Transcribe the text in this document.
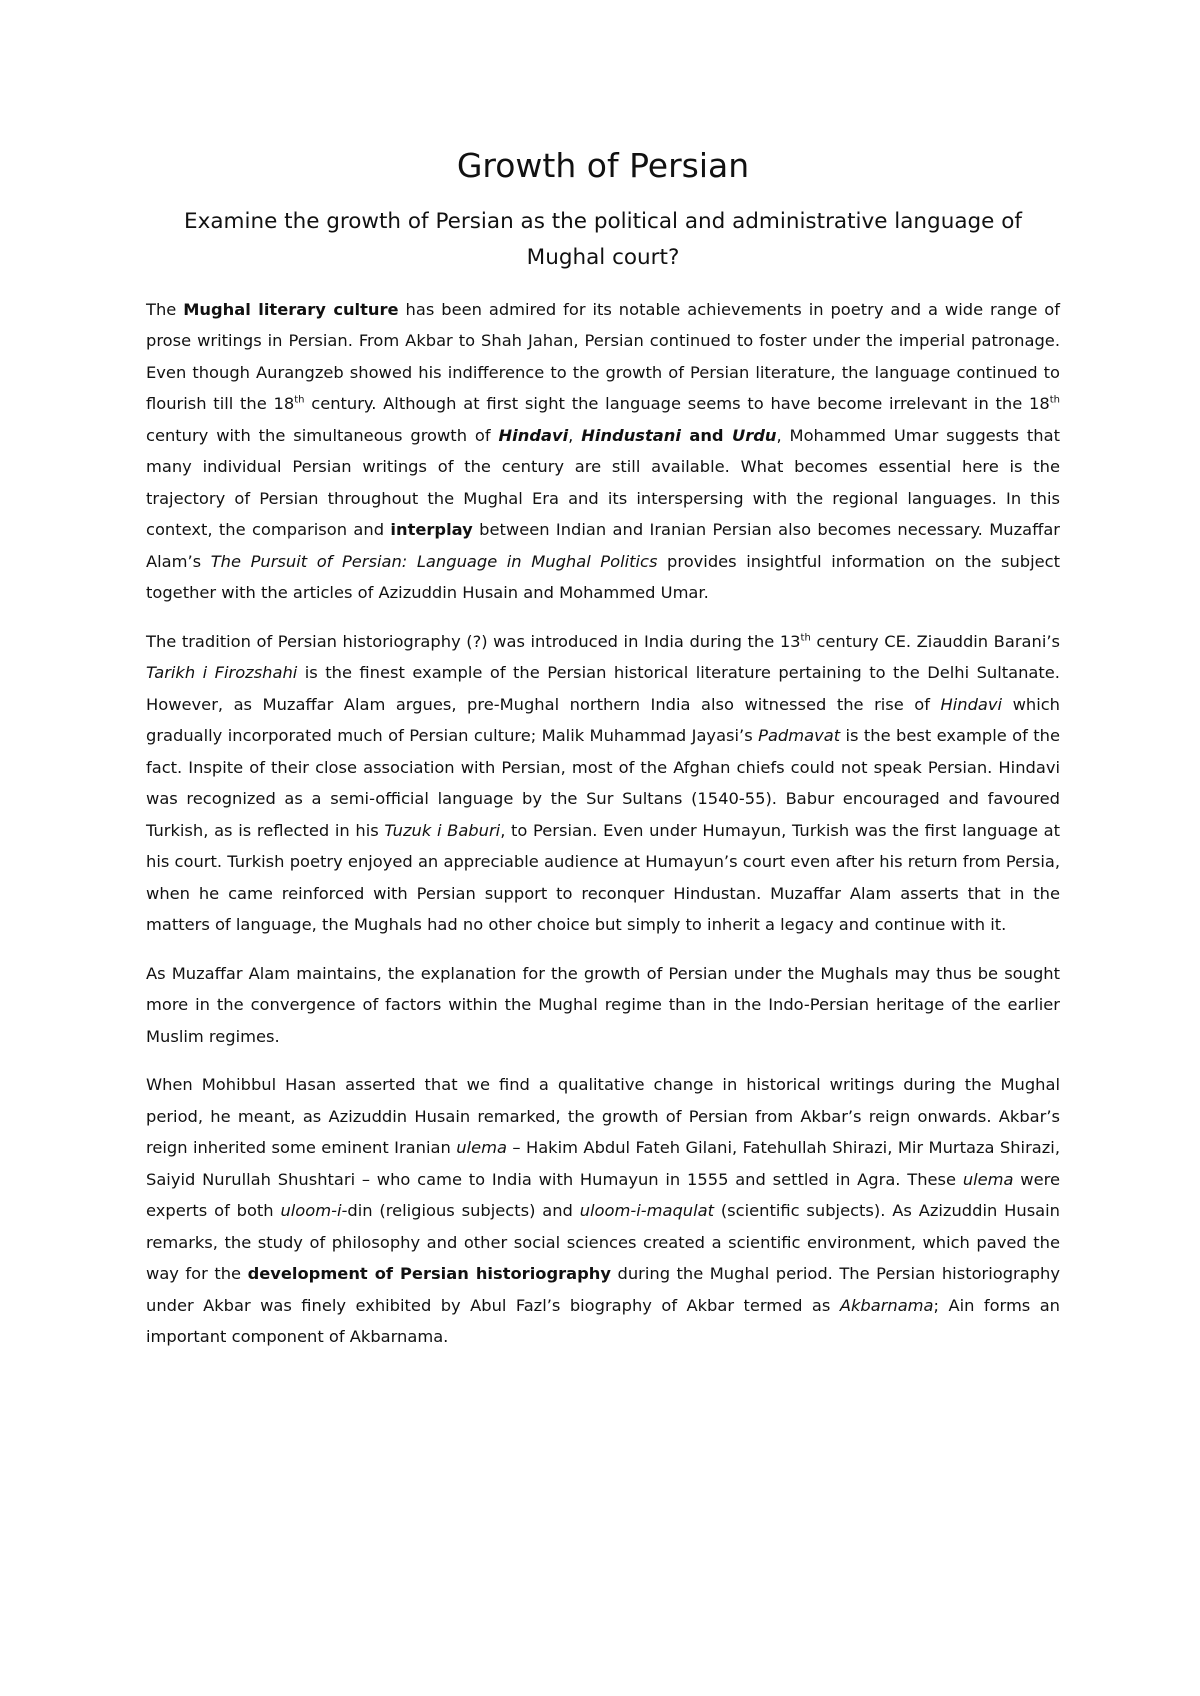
Growth of Persian
Examine the growth of Persian as the political and administrative language of Mughal court?

The Mughal literary culture has been admired for its notable achievements in poetry and a wide range of prose writings in Persian. From Akbar to Shah Jahan, Persian continued to foster under the imperial patronage. Even though Aurangzeb showed his indifference to the growth of Persian literature, the language continued to flourish till the 18th century. Although at first sight the language seems to have become irrelevant in the 18th century with the simultaneous growth of Hindavi, Hindustani and Urdu, Mohammed Umar suggests that many individual Persian writings of the century are still available. What becomes essential here is the trajectory of Persian throughout the Mughal Era and its interspersing with the regional languages. In this context, the comparison and interplay between Indian and Iranian Persian also becomes necessary. Muzaffar Alam’s The Pursuit of Persian: Language in Mughal Politics provides insightful information on the subject together with the articles of Azizuddin Husain and Mohammed Umar.

The tradition of Persian historiography (?) was introduced in India during the 13th century CE. Ziauddin Barani’s Tarikh i Firozshahi is the finest example of the Persian historical literature pertaining to the Delhi Sultanate. However, as Muzaffar Alam argues, pre-Mughal northern India also witnessed the rise of Hindavi which gradually incorporated much of Persian culture; Malik Muhammad Jayasi’s Padmavat is the best example of the fact. Inspite of their close association with Persian, most of the Afghan chiefs could not speak Persian. Hindavi was recognized as a semi-official language by the Sur Sultans (1540-55). Babur encouraged and favoured Turkish, as is reflected in his Tuzuk i Baburi, to Persian. Even under Humayun, Turkish was the first language at his court. Turkish poetry enjoyed an appreciable audience at Humayun’s court even after his return from Persia, when he came reinforced with Persian support to reconquer Hindustan. Muzaffar Alam asserts that in the matters of language, the Mughals had no other choice but simply to inherit a legacy and continue with it.

As Muzaffar Alam maintains, the explanation for the growth of Persian under the Mughals may thus be sought more in the convergence of factors within the Mughal regime than in the Indo-Persian heritage of the earlier Muslim regimes.

When Mohibbul Hasan asserted that we find a qualitative change in historical writings during the Mughal period, he meant, as Azizuddin Husain remarked, the growth of Persian from Akbar’s reign onwards. Akbar’s reign inherited some eminent Iranian ulema – Hakim Abdul Fateh Gilani, Fatehullah Shirazi, Mir Murtaza Shirazi, Saiyid Nurullah Shushtari – who came to India with Humayun in 1555 and settled in Agra. These ulema were experts of both uloom-i-din (religious subjects) and uloom-i-maqulat (scientific subjects). As Azizuddin Husain remarks, the study of philosophy and other social sciences created a scientific environment, which paved the way for the development of Persian historiography during the Mughal period. The Persian historiography under Akbar was finely exhibited by Abul Fazl’s biography of Akbar termed as Akbarnama; Ain forms an important component of Akbarnama.
